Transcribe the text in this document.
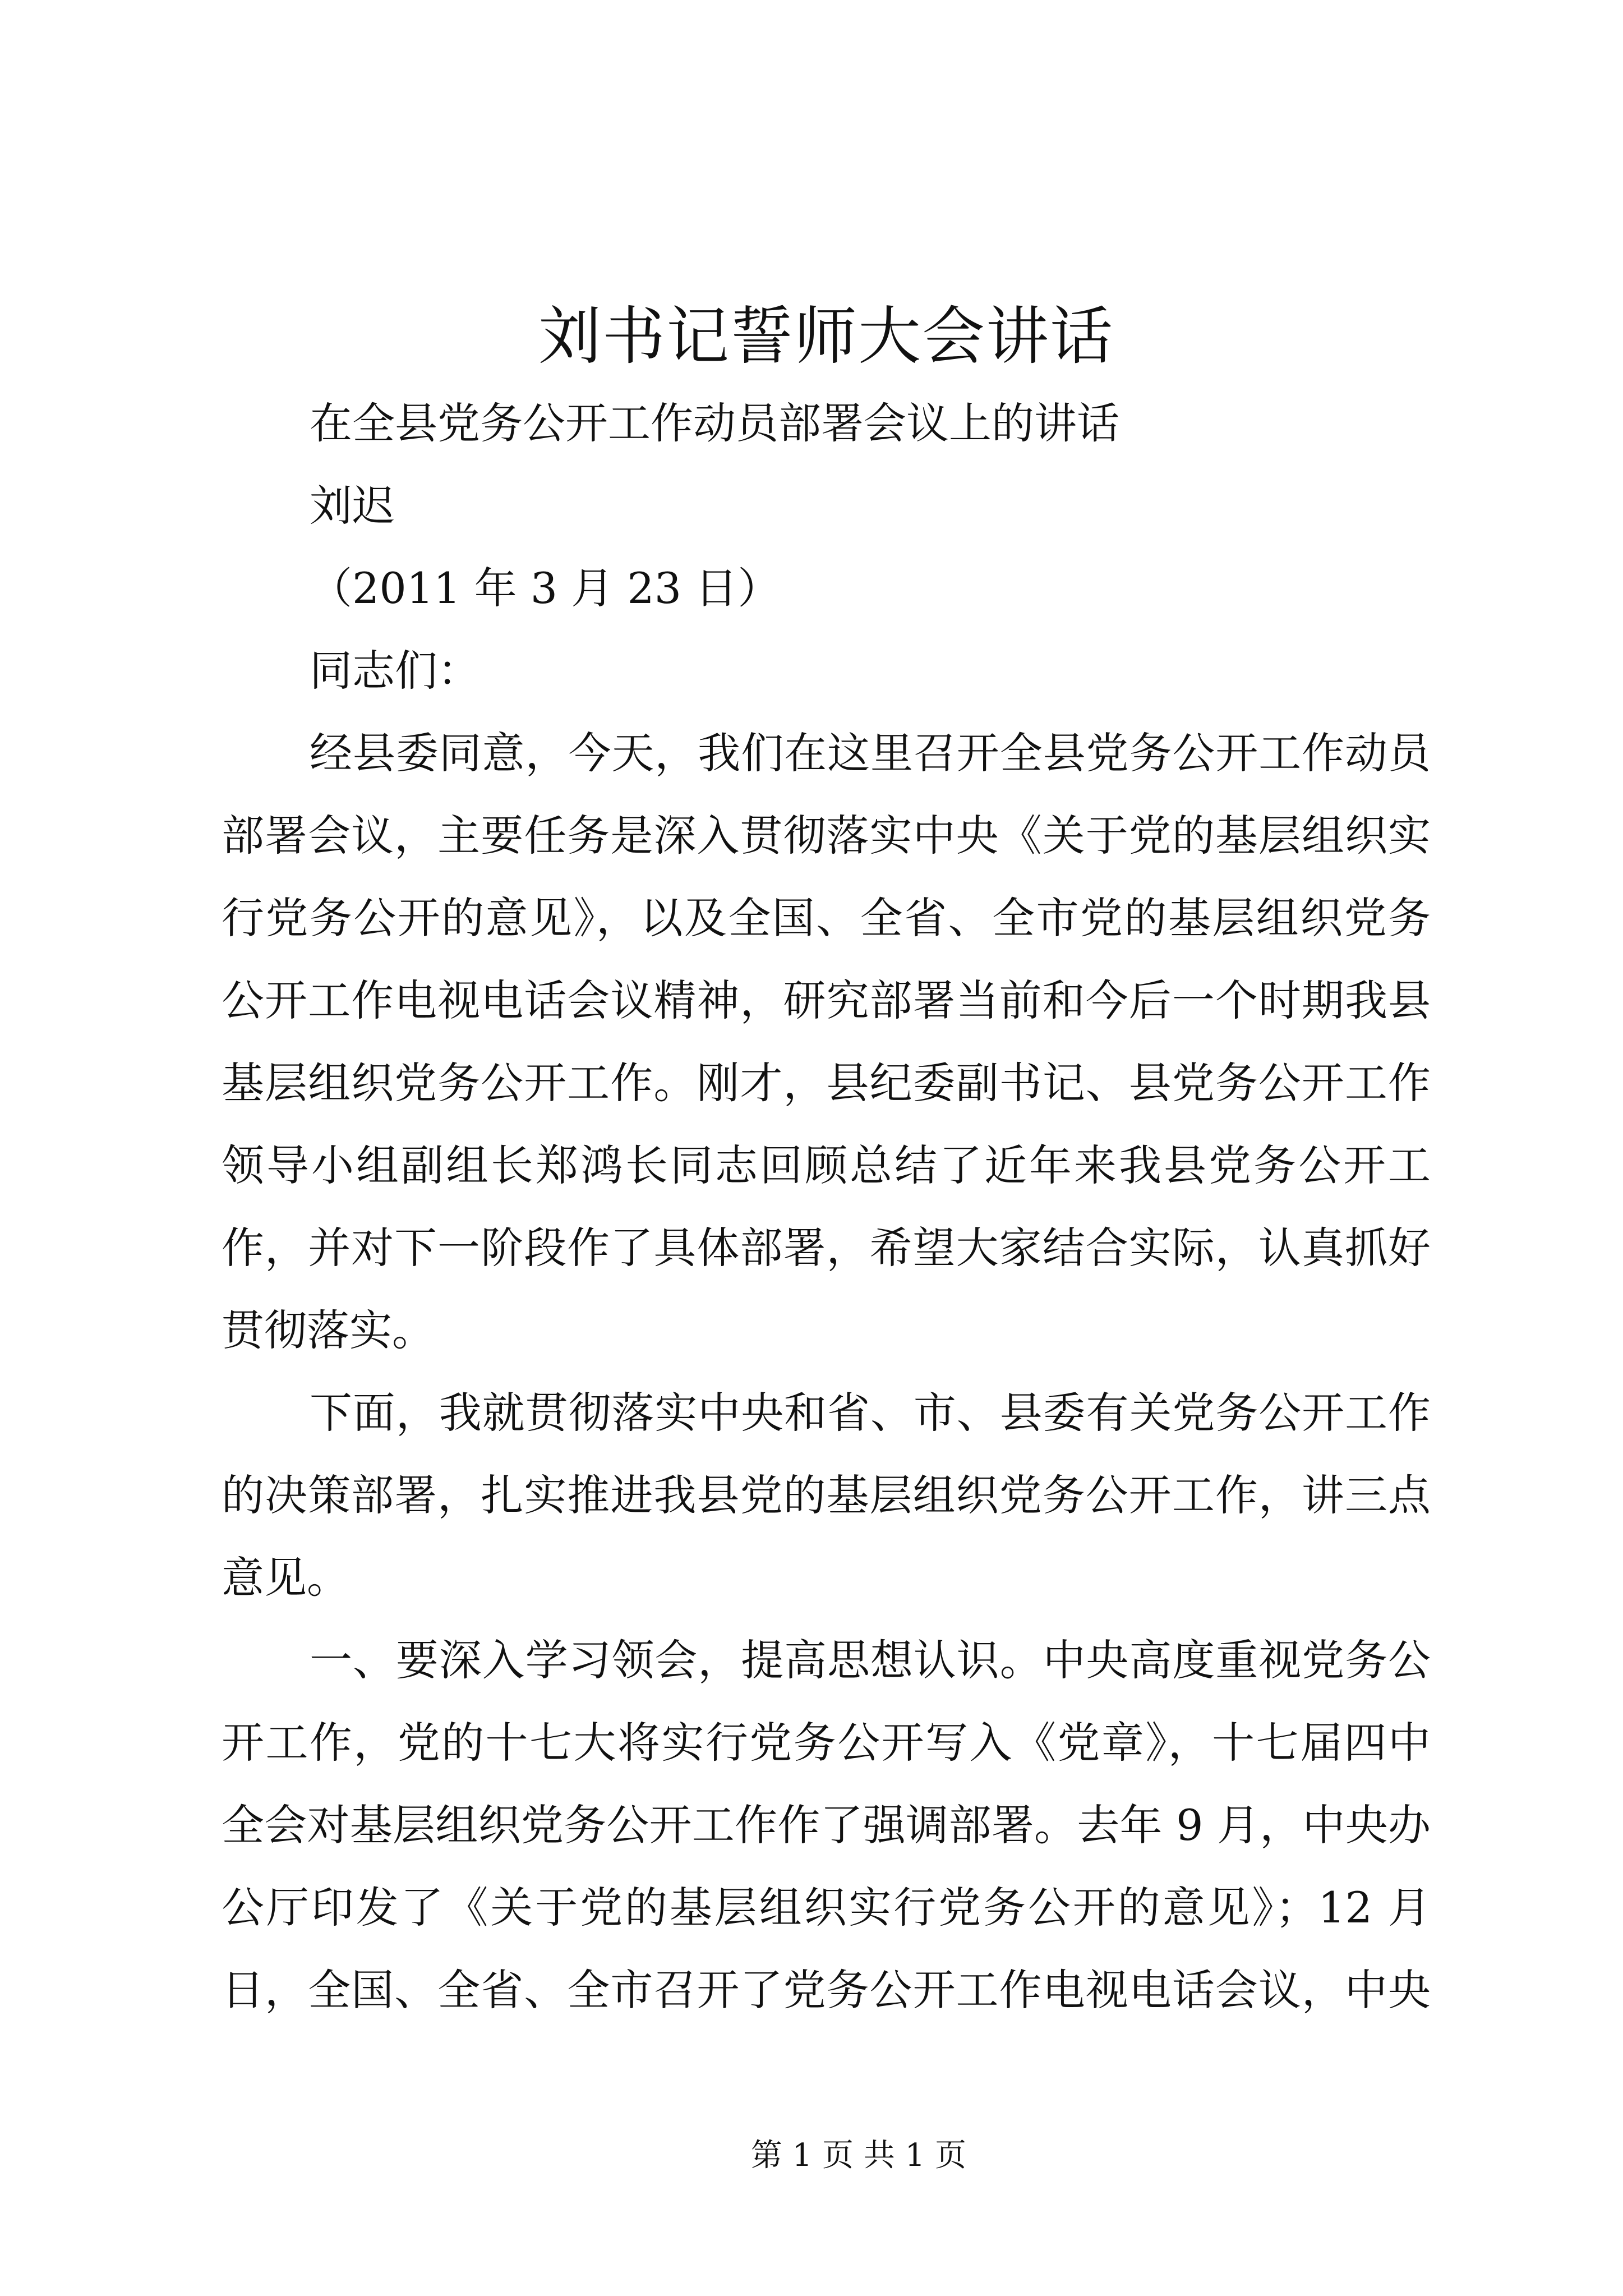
刘书记誓师大会讲话
在全县党务公开工作动员部署会议上的讲话
刘迟
（2011 年 3 月 23 日）
同志们：
经县委同意，今天，我们在这里召开全县党务公开工作动员
部署会议，主要任务是深入贯彻落实中央《关于党的基层组织实
行党务公开的意见》，以及全国、全省、全市党的基层组织党务
公开工作电视电话会议精神，研究部署当前和今后一个时期我县
基层组织党务公开工作。刚才，县纪委副书记、县党务公开工作
领导小组副组长郑鸿长同志回顾总结了近年来我县党务公开工
作，并对下一阶段作了具体部署，希望大家结合实际，认真抓好
贯彻落实。
下面，我就贯彻落实中央和省、市、县委有关党务公开工作
的决策部署，扎实推进我县党的基层组织党务公开工作，讲三点
意见。
一、要深入学习领会，提高思想认识。中央高度重视党务公
开工作，党的十七大将实行党务公开写入《党章》，十七届四中
全会对基层组织党务公开工作作了强调部署。去年 9 月，中央办
公厅印发了《关于党的基层组织实行党务公开的意见》；12 月
日，全国、全省、全市召开了党务公开工作电视电话会议，中央
第 1 页 共 1 页
